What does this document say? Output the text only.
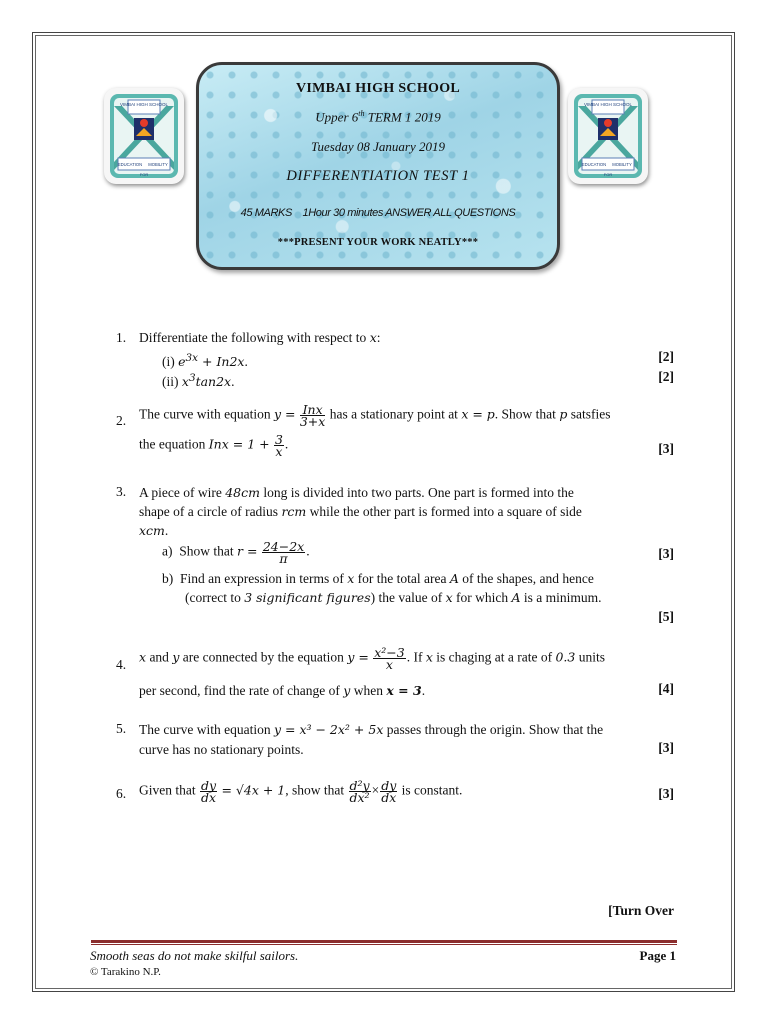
VIMBAI HIGH SCHOOL
EDUCATION MOBILITY
FOR
VIMBAI HIGH SCHOOL
EDUCATION MOBILITY
FOR
VIMBAI HIGH SCHOOL
Upper 6th TERM 1 2019
Tuesday 08 January 2019
DIFFERENTIATION TEST 1
45 MARKS    1Hour 30 minutes ANSWER ALL QUESTIONS
***PRESENT YOUR WORK NEATLY***
1. Differentiate the following with respect to x:
(i) $e^{3x} + In2x$.	[2]
(ii) $x^3\tan 2x$.	[2]
2. The curve with equation $y = \frac{\text{Inx}}{3+x}$ has a stationary point at x = p. Show that p satsfies
the equation Inx = $1 + \frac{3}{x}$ .	[3]
3. A piece of wire 48cm long is divided into two parts. One part is formed into the
shape of a circle of radius rcm while the other part is formed into a square of side
xcm.
a) Show that $r = \frac{24-2x}{\pi}$ .	[3]
b) Find an expression in terms of x for the total area A of the shapes, and hence
(correct to 3 significant figures) the value of x for which A is a minimum.
[5]
4. x and y are connected by the equation $y = \frac{\text{x²−3}}{x}$ . If x is chaging at a rate of 0.3 units
per second, find the rate of change of y when x = 3.	[4]
5. The curve with equation y = x³ − 2x² + 5x passes through the origin. Show that the
curve has no stationary points.	[3]
6. Given that $\frac{dy}{dx} = √4x + 1$, show that $\frac{\text{d²y}}{\text{dx²}} \times \frac{dy}{dx}$ is constant.	[3]
[Turn Over
Smooth seas do not make skilful sailors.	Page 1
© Tarakino N.P.
